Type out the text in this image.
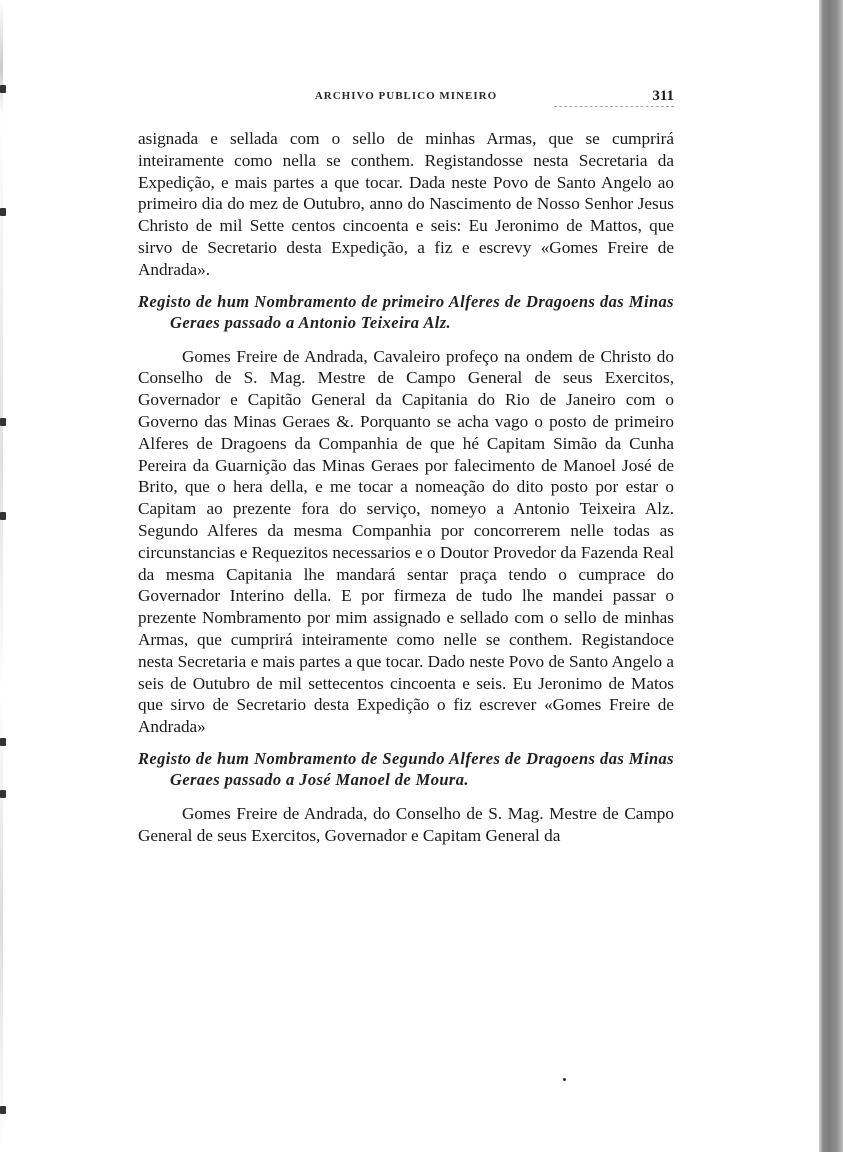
ARCHIVO PUBLICO MINEIRO	311

asignada e sellada com o sello de minhas Armas, que se cumprirá inteiramente como nella se conthem. Registandosse nesta Secretaria da Expedição, e mais partes a que tocar. Dada neste Povo de Santo Angelo ao primeiro dia do mez de Outubro, anno do Nascimento de Nosso Senhor Jesus Christo de mil Sette centos cincoenta e seis: Eu Jeronimo de Mattos, que sirvo de Secretario desta Expedição, a fiz e escrevy «Gomes Freire de Andrada».

Registo de hum Nombramento de primeiro Alferes de Dragoens das Minas Geraes passado a Antonio Teixeira Alz.

Gomes Freire de Andrada, Cavaleiro profeço na ondem de Christo do Conselho de S. Mag. Mestre de Campo General de seus Exercitos, Governador e Capitão General da Capitania do Rio de Janeiro com o Governo das Minas Geraes &. Porquanto se acha vago o posto de primeiro Alferes de Dragoens da Companhia de que hé Capitam Simão da Cunha Pereira da Guarnição das Minas Geraes por falecimento de Manoel José de Brito, que o hera della, e me tocar a nomeação do dito posto por estar o Capitam ao prezente fora do serviço, nomeyo a Antonio Teixeira Alz. Segundo Alferes da mesma Companhia por concorrerem nelle todas as circunstancias e Requezitos necessarios e o Doutor Provedor da Fazenda Real da mesma Capitania lhe mandará sentar praça tendo o cumprace do Governador Interino della. E por firmeza de tudo lhe mandei passar o prezente Nombramento por mim assignado e sellado com o sello de minhas Armas, que cumprirá inteiramente como nelle se conthem. Registandoce nesta Secretaria e mais partes a que tocar. Dado neste Povo de Santo Angelo a seis de Outubro de mil settecentos cincoenta e seis. Eu Jeronimo de Matos que sirvo de Secretario desta Expedição o fiz escrever «Gomes Freire de Andrada»

Registo de hum Nombramento de Segundo Alferes de Dragoens das Minas Geraes passado a José Manoel de Moura.

Gomes Freire de Andrada, do Conselho de S. Mag. Mestre de Campo General de seus Exercitos, Governador e Capitam General da
